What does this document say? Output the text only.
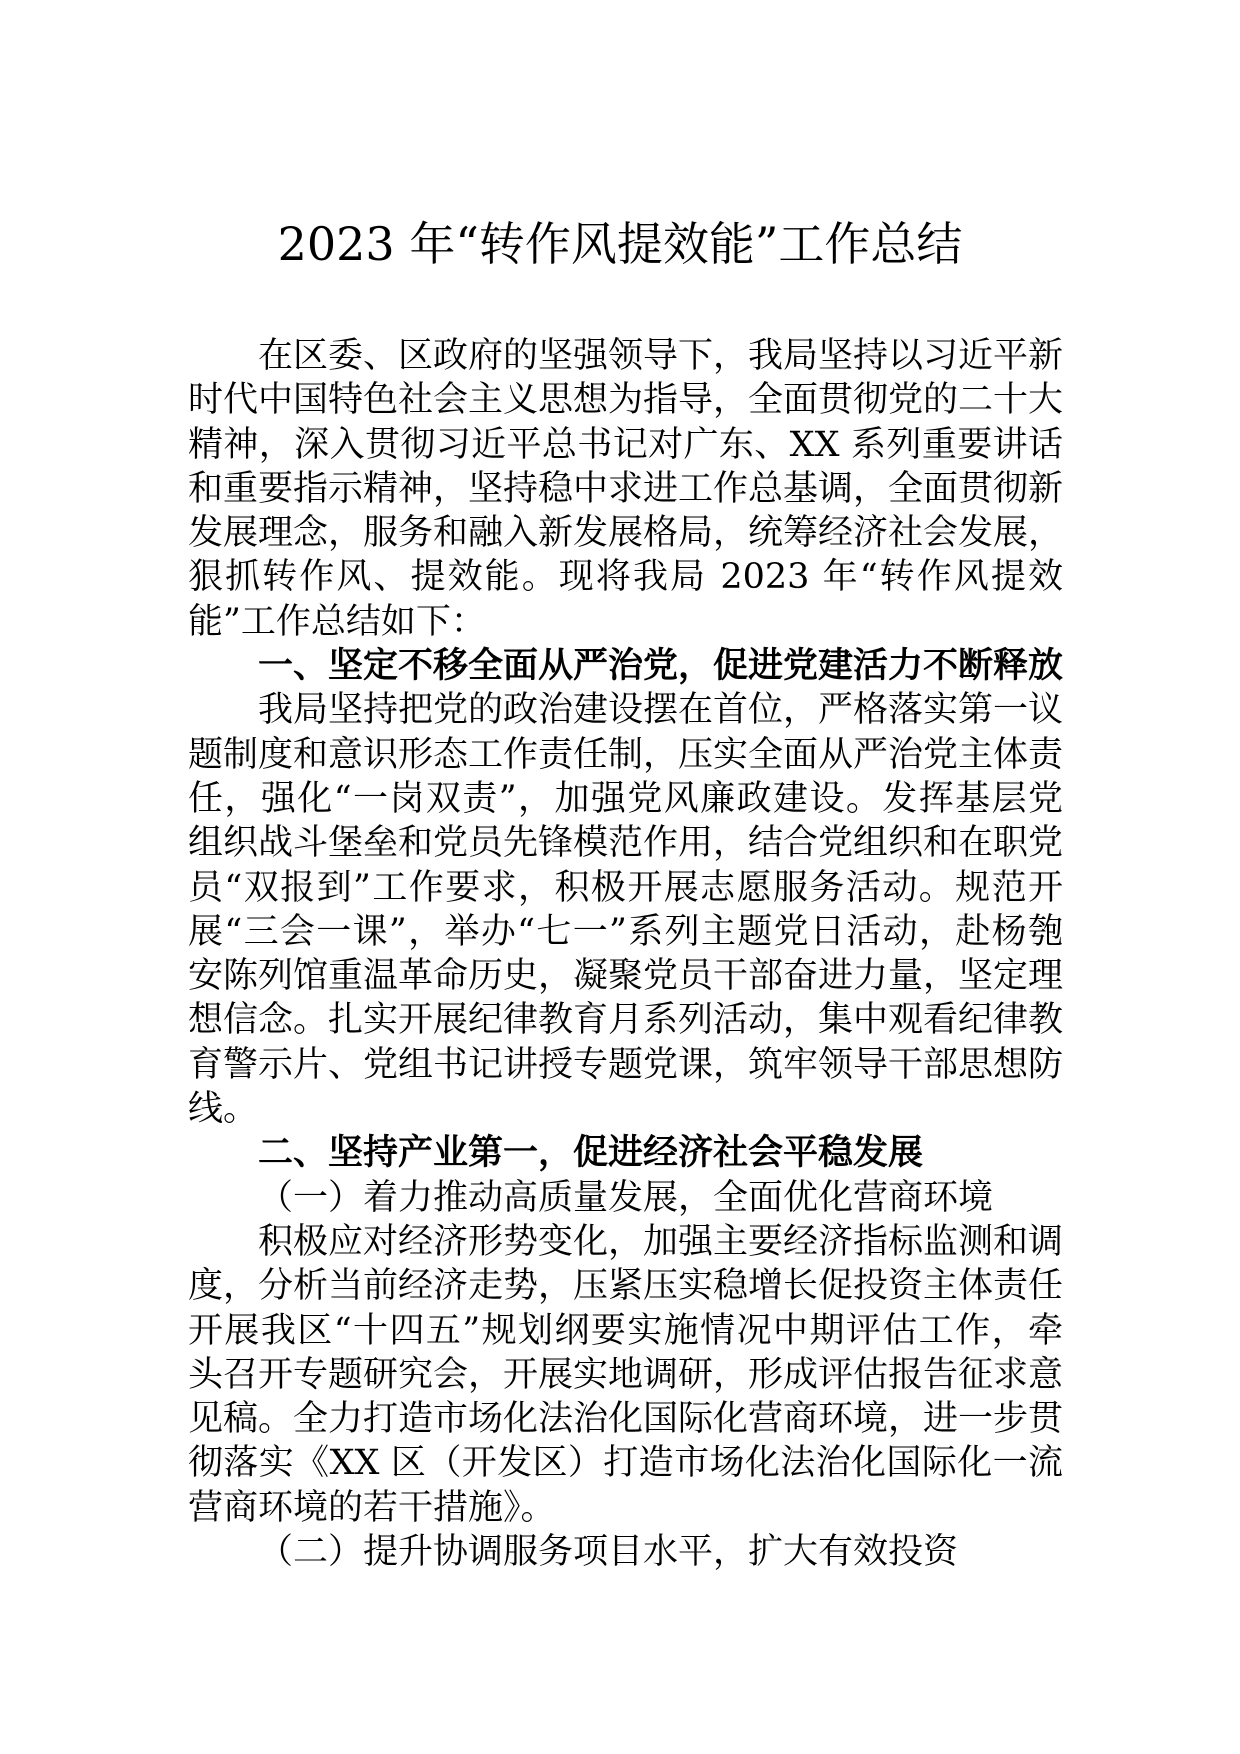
2023 年“转作风提效能”工作总结

在区委、区政府的坚强领导下，我局坚持以习近平新时代中国特色社会主义思想为指导，全面贯彻党的二十大精神，深入贯彻习近平总书记对广东、XX 系列重要讲话和重要指示精神，坚持稳中求进工作总基调，全面贯彻新发展理念，服务和融入新发展格局，统筹经济社会发展，狠抓转作风、提效能。现将我局 2023 年“转作风提效能”工作总结如下：

一、坚定不移全面从严治党，促进党建活力不断释放

我局坚持把党的政治建设摆在首位，严格落实第一议题制度和意识形态工作责任制，压实全面从严治党主体责任，强化“一岗双责”，加强党风廉政建设。发挥基层党组织战斗堡垒和党员先锋模范作用，结合党组织和在职党员“双报到”工作要求，积极开展志愿服务活动。规范开展“三会一课”，举办“七一”系列主题党日活动，赴杨匏安陈列馆重温革命历史，凝聚党员干部奋进力量，坚定理想信念。扎实开展纪律教育月系列活动，集中观看纪律教育警示片、党组书记讲授专题党课，筑牢领导干部思想防线。

二、坚持产业第一，促进经济社会平稳发展

（一）着力推动高质量发展，全面优化营商环境

积极应对经济形势变化，加强主要经济指标监测和调度，分析当前经济走势，压紧压实稳增长促投资主体责任开展我区“十四五”规划纲要实施情况中期评估工作，牵头召开专题研究会，开展实地调研，形成评估报告征求意见稿。全力打造市场化法治化国际化营商环境，进一步贯彻落实《XX 区（开发区）打造市场化法治化国际化一流营商环境的若干措施》。

（二）提升协调服务项目水平，扩大有效投资
